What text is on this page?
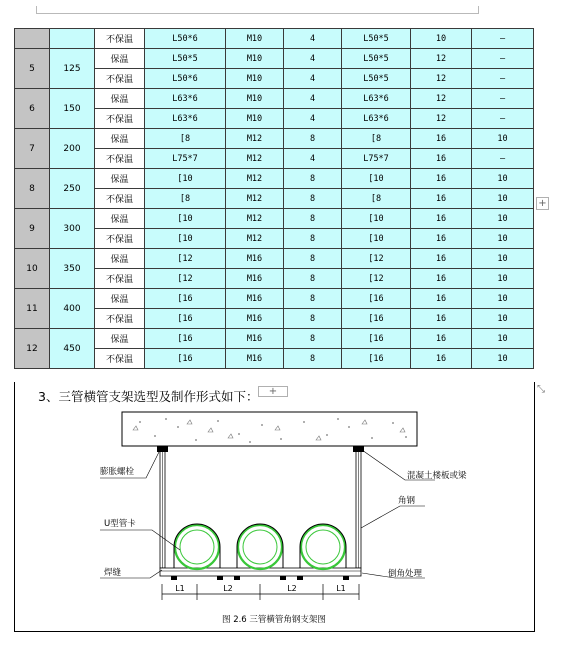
		不保温	L50*6	M10	4	L50*5	10	—
5	125	保温	L50*5	M10	4	L50*5	12	—
		不保温	L50*6	M10	4	L50*5	12	—
6	150	保温	L63*6	M10	4	L63*6	12	—
		不保温	L63*6	M10	4	L63*6	12	—
7	200	保温	[8	M12	8	[8	16	10
		不保温	L75*7	M12	4	L75*7	16	—
8	250	保温	[10	M12	8	[10	16	10
		不保温	[8	M12	8	[8	16	10
9	300	保温	[10	M12	8	[10	16	10
		不保温	[10	M12	8	[10	16	10
10	350	保温	[12	M16	8	[12	16	10
		不保温	[12	M16	8	[12	16	10
11	400	保温	[16	M16	8	[16	16	10
		不保温	[16	M16	8	[16	16	10
12	450	保温	[16	M16	8	[16	16	10
		不保温	[16	M16	8	[16	16	10
+
3、三管横管支架选型及制作形式如下：	+	⤡
L1	L2	L2	L1
膨胀螺栓	混凝土楼板或梁
角钢
U型管卡
焊缝	倒角处理
图 2.6 三管横管角钢支架图
